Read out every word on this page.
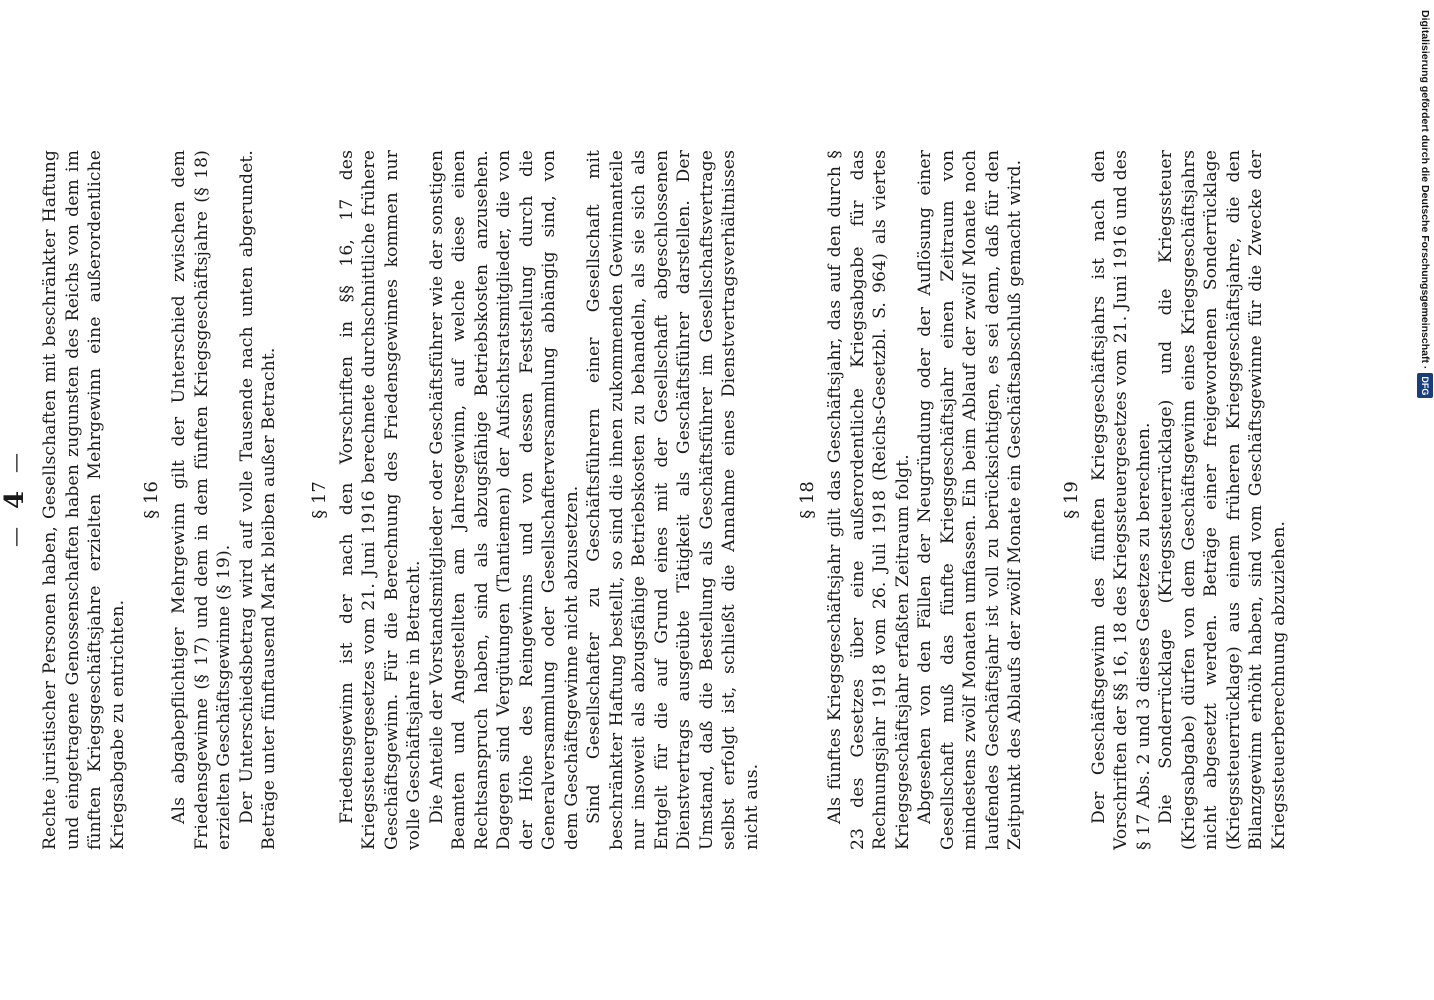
—
4
— Rechte juristischer Personen haben, Gesellschaften mit beschränkter Haftung und eingetragene Genossenschaften haben zugunsten des Reichs von dem im fünften Kriegsgeschäftsjahre erzielten Mehrgewinn eine außerordentliche Kriegsabgabe zu entrichten.

§ 16 Als abgabepflichtiger Mehrgewinn gilt der Unterschied zwischen dem Friedensgewinne (§ 17) und dem in dem fünften Kriegsgeschäftsjahre (§ 18) erzielten Geschäftsgewinne (§ 19). Der Unterschiedsbetrag wird auf volle Tausende nach unten abgerundet. Beträge unter fünftausend Mark bleiben außer Betracht. § 17 Friedensgewinn ist der nach den Vorschriften in §§ 16, 17 des Kriegssteuergesetzes vom 21. Juni 1916 berechnete durchschnittliche frühere Geschäftsgewinn. Für die Berechnung des Friedensgewinnes kommen nur volle Geschäftsjahre in Betracht. Die Anteile der Vorstandsmitglieder oder Geschäftsführer wie der sonstigen Beamten und Angestellten am Jahresgewinn, auf welche diese einen Rechtsanspruch haben, sind als abzugsfähige Betriebskosten anzusehen. Dagegen sind Vergütungen (Tantiemen) der Aufsichtsratsmitglieder, die von der Höhe des Reingewinns und von dessen Feststellung durch die Generalversammlung oder Gesellschafterversammlung abhängig sind, von dem Geschäftsgewinne nicht abzusetzen. Sind Gesellschafter zu Geschäftsführern einer Gesellschaft mit beschränkter Haftung bestellt, so sind die ihnen zukommenden Gewinnanteile nur insoweit als abzugsfähige Betriebskosten zu behandeln, als sie sich als Entgelt für die auf Grund eines mit der Gesellschaft abgeschlossenen Dienstvertrags ausgeübte Tätigkeit als Geschäftsführer darstellen. Der Umstand, daß die Bestellung als Geschäftsführer im Gesellschaftsvertrage selbst erfolgt ist, schließt die Annahme eines Dienstvertragsverhältnisses nicht aus.

§ 18 Als fünftes Kriegsgeschäftsjahr gilt das Geschäftsjahr, das auf den durch § 23 des Gesetzes über eine außerordentliche Kriegsabgabe für das Rechnungsjahr 1918 vom 26. Juli 1918 (Reichs-Gesetzbl. S. 964) als viertes Kriegsgeschäftsjahr erfaßten Zeitraum folgt. Abgesehen von den Fällen der Neugründung oder der Auflösung einer Gesellschaft muß das fünfte Kriegsgeschäftsjahr einen Zeitraum von mindestens zwölf Monaten umfassen. Ein beim Ablauf der zwölf Monate noch laufendes Geschäftsjahr ist voll zu berücksichtigen, es sei denn, daß für den Zeitpunkt des Ablaufs der zwölf Monate ein Geschäftsabschluß gemacht wird. § 19 Der Geschäftsgewinn des fünften Kriegsgeschäftsjahrs ist nach den Vorschriften der §§ 16, 18 des Kriegssteuergesetzes vom 21. Juni 1916 und des § 17 Abs. 2 und 3 dieses Gesetzes zu berechnen. Die Sonderrücklage (Kriegssteuerrücklage) und die Kriegssteuer (Kriegsabgabe) dürfen von dem Geschäftsgewinn eines Kriegsgeschäftsjahrs nicht abgesetzt werden. Beträge einer freigewordenen Sonderrücklage (Kriegssteuerrücklage) aus einem früheren Kriegsgeschäftsjahre, die den Bilanzgewinn erhöht haben, sind vom Geschäftsgewinne für die Zwecke der Kriegssteuerberechnung abzuziehen.

Digitalisierung gefördert durch die Deutsche Forschungsgemeinschaft ·
DFG
